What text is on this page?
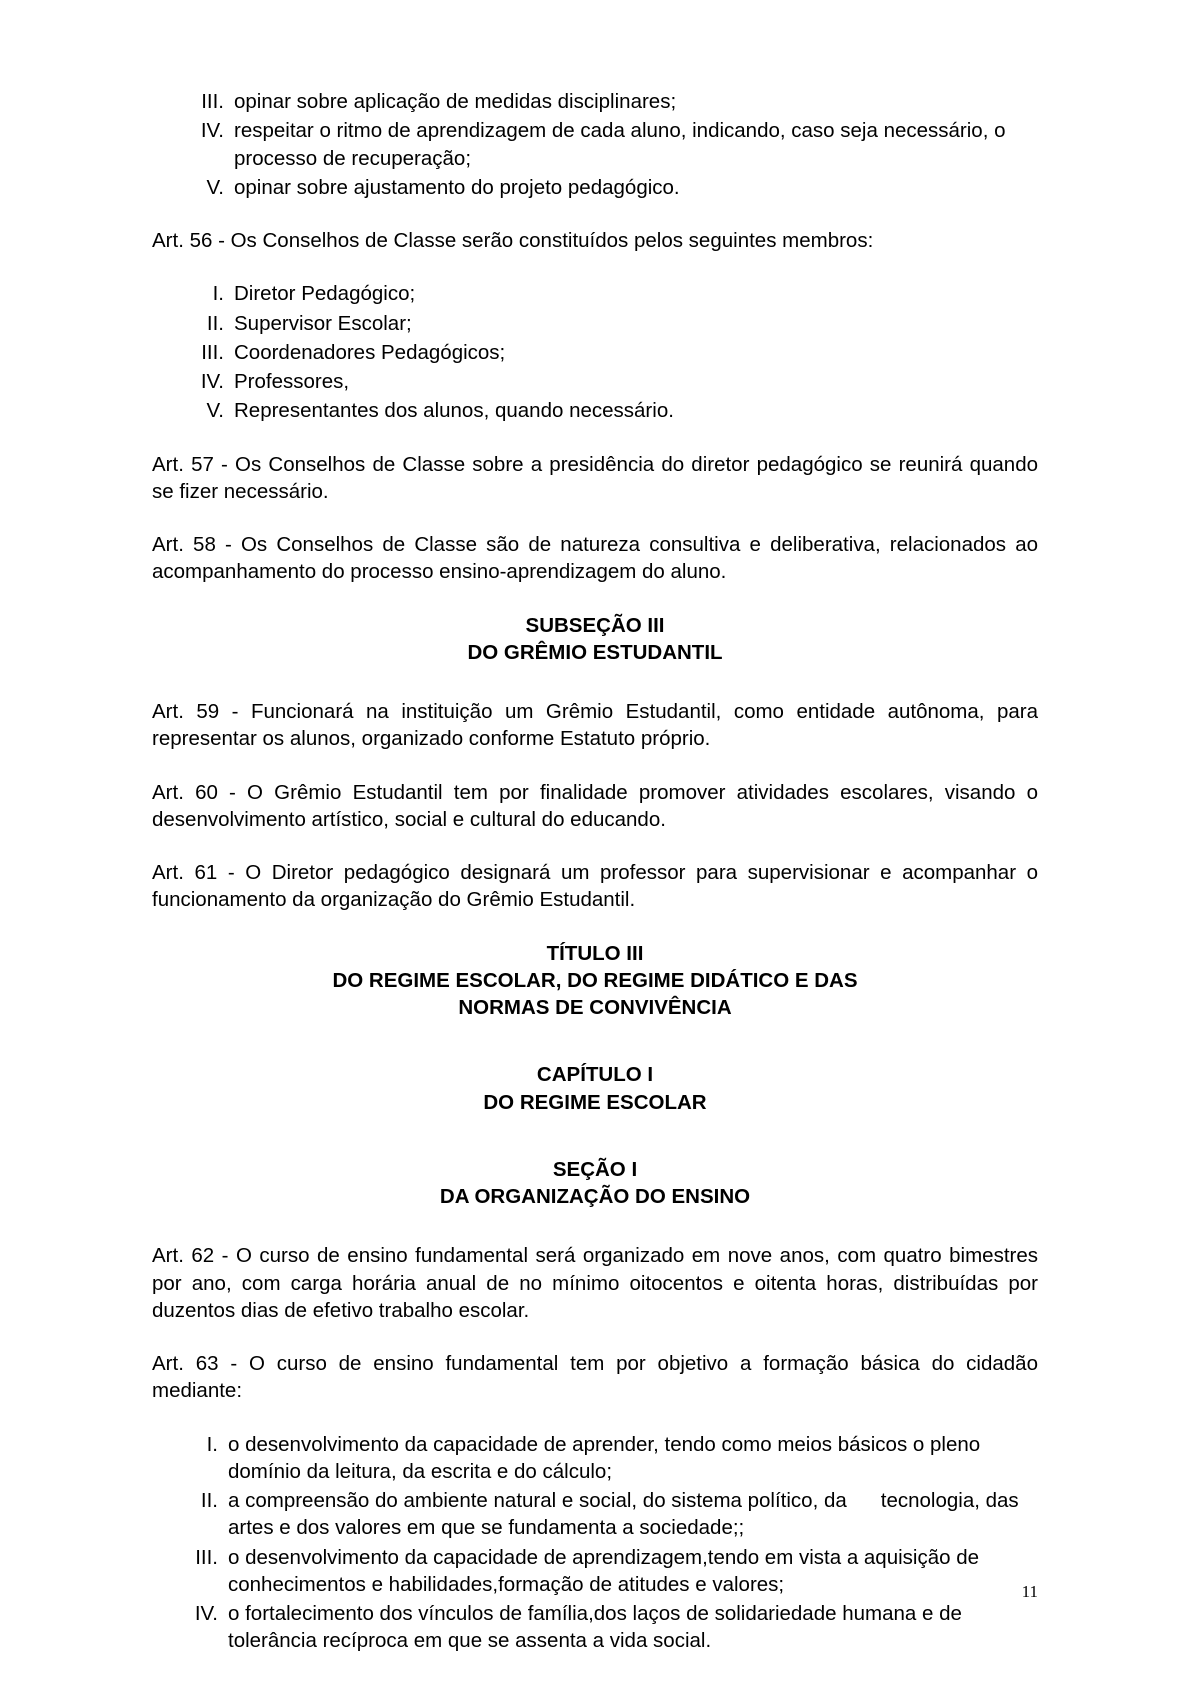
III. opinar sobre aplicação de medidas disciplinares;
IV. respeitar o ritmo de aprendizagem de cada aluno, indicando, caso seja necessário, o processo de recuperação;
V. opinar sobre ajustamento do projeto pedagógico.

Art. 56 - Os Conselhos de Classe serão constituídos pelos seguintes membros:

I. Diretor Pedagógico;
II. Supervisor Escolar;
III. Coordenadores Pedagógicos;
IV. Professores,
V. Representantes dos alunos, quando necessário.

Art. 57 - Os Conselhos de Classe sobre a presidência do diretor pedagógico se reunirá quando se fizer necessário.

Art. 58 - Os Conselhos de Classe são de natureza consultiva e deliberativa, relacionados ao acompanhamento do processo ensino-aprendizagem do aluno.

SUBSEÇÃO III
DO GRÊMIO ESTUDANTIL

Art. 59 - Funcionará na instituição um Grêmio Estudantil, como entidade autônoma, para representar os alunos, organizado conforme Estatuto próprio.

Art. 60 - O Grêmio Estudantil tem por finalidade promover atividades escolares, visando o desenvolvimento artístico, social e cultural do educando.

Art. 61 - O Diretor pedagógico designará um professor para supervisionar e acompanhar o funcionamento da organização do Grêmio Estudantil.

TÍTULO III
DO REGIME ESCOLAR, DO REGIME DIDÁTICO E DAS
NORMAS DE CONVIVÊNCIA
CAPÍTULO I
DO REGIME ESCOLAR
SEÇÃO I
DA ORGANIZAÇÃO DO ENSINO

Art. 62 - O curso de ensino fundamental será organizado em nove anos, com quatro bimestres por ano, com carga horária anual de no mínimo oitocentos e oitenta horas, distribuídas por duzentos dias de efetivo trabalho escolar.

Art. 63 - O curso de ensino fundamental tem por objetivo a formação básica do cidadão mediante:

I. o desenvolvimento da capacidade de aprender, tendo como meios básicos o pleno domínio da leitura, da escrita e do cálculo;
II. a compreensão do ambiente natural e social, do sistema político, da tecnologia, das artes e dos valores em que se fundamenta a sociedade;;
III. o desenvolvimento da capacidade de aprendizagem,tendo em vista a aquisição de conhecimentos e habilidades,formação de atitudes e valores;
IV. o fortalecimento dos vínculos de família,dos laços de solidariedade humana e de tolerância recíproca em que se assenta a vida social.
11
